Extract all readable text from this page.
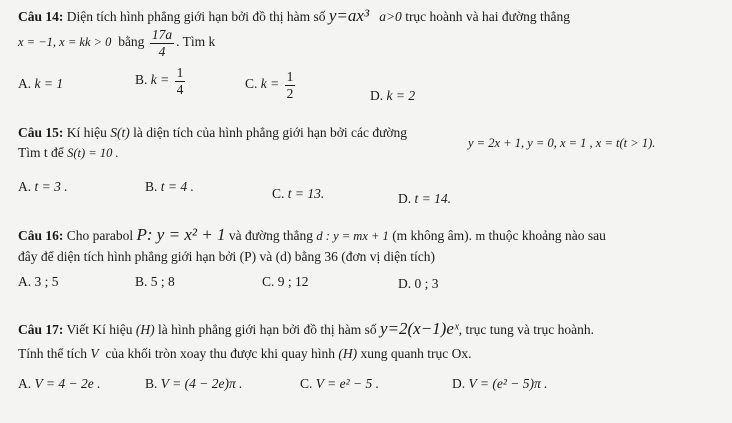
Câu 14: Diện tích hình phẳng giới hạn bởi đồ thị hàm số y=ax³ a>0 trục hoành và hai đường thẳng
x = −1, x = kk > 0 bằng $\frac{17a}{4}$ . Tìm k
A. k = 1	B. $k = \frac{1}{4}$	C. $k = \frac{1}{2}$	D. k = 2
Câu 15: Kí hiệu S(t) là diện tích của hình phẳng giới hạn bởi các đường
y = 2x + 1, y = 0, x = 1 , x = t(t > 1).
Tìm t để S(t) = 10 .
A. t = 3 .	B. t = 4 .	C. t = 13.	D. t = 14.
Câu 16: Cho parabol P: y = x² + 1 và đường thẳng d : y = mx + 1 (m không âm). m thuộc khoảng nào sau
đây để diện tích hình phẳng giới hạn bởi (P) và (d) bằng 36 (đơn vị diện tích)
A. 3 ; 5	B. 5 ; 8	C. 9 ; 12	D. 0 ; 3
Câu 17: Viết Kí hiệu (H) là hình phẳng giới hạn bởi đồ thị hàm số y=2(x−1)eˣ, trục tung và trục hoành.
Tính thể tích V của khối tròn xoay thu được khi quay hình (H) xung quanh trục Ox.
A. V = 4 − 2e .	B. V = (4 − 2e)π .	C. V = e² − 5 .	D. V = (e² − 5)π .
